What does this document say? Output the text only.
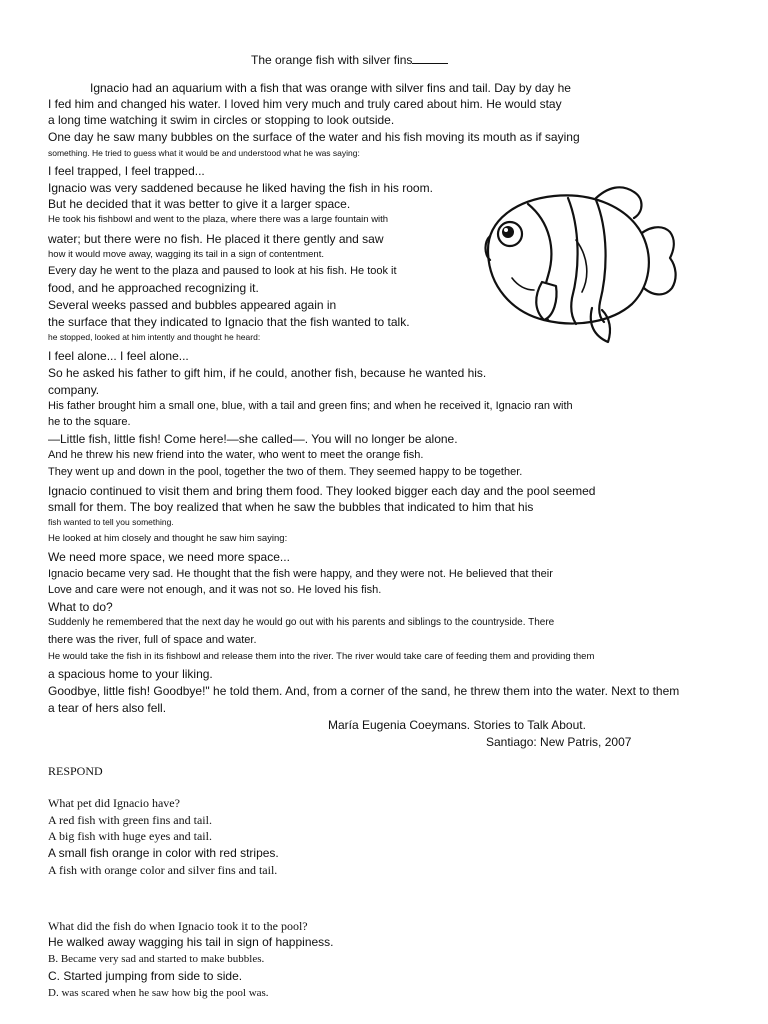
The orange fish with silver fins
Ignacio had an aquarium with a fish that was orange with silver fins and tail. Day by day he
I fed him and changed his water. I loved him very much and truly cared about him. He would stay
a long time watching it swim in circles or stopping to look outside.
One day he saw many bubbles on the surface of the water and his fish moving its mouth as if saying
something. He tried to guess what it would be and understood what he was saying:
I feel trapped, I feel trapped...
Ignacio was very saddened because he liked having the fish in his room.
But he decided that it was better to give it a larger space.
He took his fishbowl and went to the plaza, where there was a large fountain with
water; but there were no fish. He placed it there gently and saw
how it would move away, wagging its tail in a sign of contentment.
Every day he went to the plaza and paused to look at his fish. He took it
food, and he approached recognizing it.
Several weeks passed and bubbles appeared again in
the surface that they indicated to Ignacio that the fish wanted to talk.
he stopped, looked at him intently and thought he heard:
I feel alone... I feel alone...
So he asked his father to gift him, if he could, another fish, because he wanted his.
company.
His father brought him a small one, blue, with a tail and green fins; and when he received it, Ignacio ran with
he to the square.
—Little fish, little fish! Come here!—she called—. You will no longer be alone.
And he threw his new friend into the water, who went to meet the orange fish.
They went up and down in the pool, together the two of them. They seemed happy to be together.
Ignacio continued to visit them and bring them food. They looked bigger each day and the pool seemed
small for them. The boy realized that when he saw the bubbles that indicated to him that his
fish wanted to tell you something.
He looked at him closely and thought he saw him saying:
We need more space, we need more space...
Ignacio became very sad. He thought that the fish were happy, and they were not. He believed that their
Love and care were not enough, and it was not so. He loved his fish.
What to do?
Suddenly he remembered that the next day he would go out with his parents and siblings to the countryside. There
there was the river, full of space and water.
He would take the fish in its fishbowl and release them into the river. The river would take care of feeding them and providing them
a spacious home to your liking.
Goodbye, little fish! Goodbye!" he told them. And, from a corner of the sand, he threw them into the water. Next to them
a tear of hers also fell.
María Eugenia Coeymans. Stories to Talk About.
Santiago: New Patris, 2007
RESPOND
What pet did Ignacio have?
A red fish with green fins and tail.
A big fish with huge eyes and tail.
A small fish orange in color with red stripes.
A fish with orange color and silver fins and tail.
What did the fish do when Ignacio took it to the pool?
He walked away wagging his tail in sign of happiness.
B. Became very sad and started to make bubbles.
C. Started jumping from side to side.
D. was scared when he saw how big the pool was.
